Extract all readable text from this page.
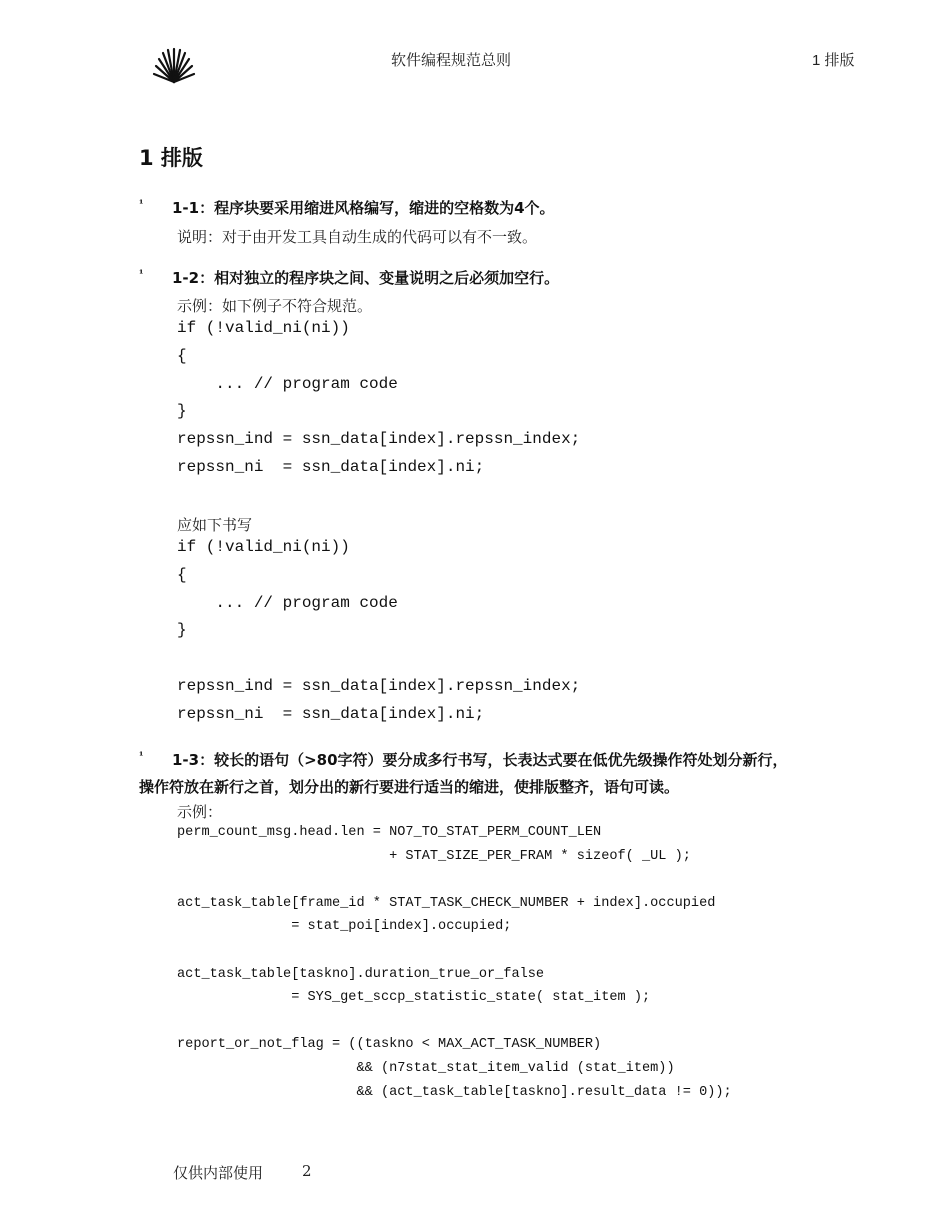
软件编程规范总则	1 排版
1 排版
¹ 1-1：程序块要采用缩进风格编写，缩进的空格数为4个。
说明：对于由开发工具自动生成的代码可以有不一致。
¹ 1-2：相对独立的程序块之间、变量说明之后必须加空行。
示例：如下例子不符合规范。
if (!valid_ni(ni))
{
... // program code
}
repssn_ind = ssn_data[index].repssn_index;
repssn_ni  = ssn_data[index].ni;
应如下书写
if (!valid_ni(ni))
{
... // program code
}

repssn_ind = ssn_data[index].repssn_index;
repssn_ni  = ssn_data[index].ni;
¹ 1-3：较长的语句（>80字符）要分成多行书写，长表达式要在低优先级操作符处划分新行，
操作符放在新行之首，划分出的新行要进行适当的缩进，使排版整齐，语句可读。
示例：
perm_count_msg.head.len = NO7_TO_STAT_PERM_COUNT_LEN
+ STAT_SIZE_PER_FRAM * sizeof( _UL );

act_task_table[frame_id * STAT_TASK_CHECK_NUMBER + index].occupied
= stat_poi[index].occupied;

act_task_table[taskno].duration_true_or_false
= SYS_get_sccp_statistic_state( stat_item );

report_or_not_flag = ((taskno < MAX_ACT_TASK_NUMBER)
&& (n7stat_stat_item_valid (stat_item))
&& (act_task_table[taskno].result_data != 0));
仅供内部使用	2
